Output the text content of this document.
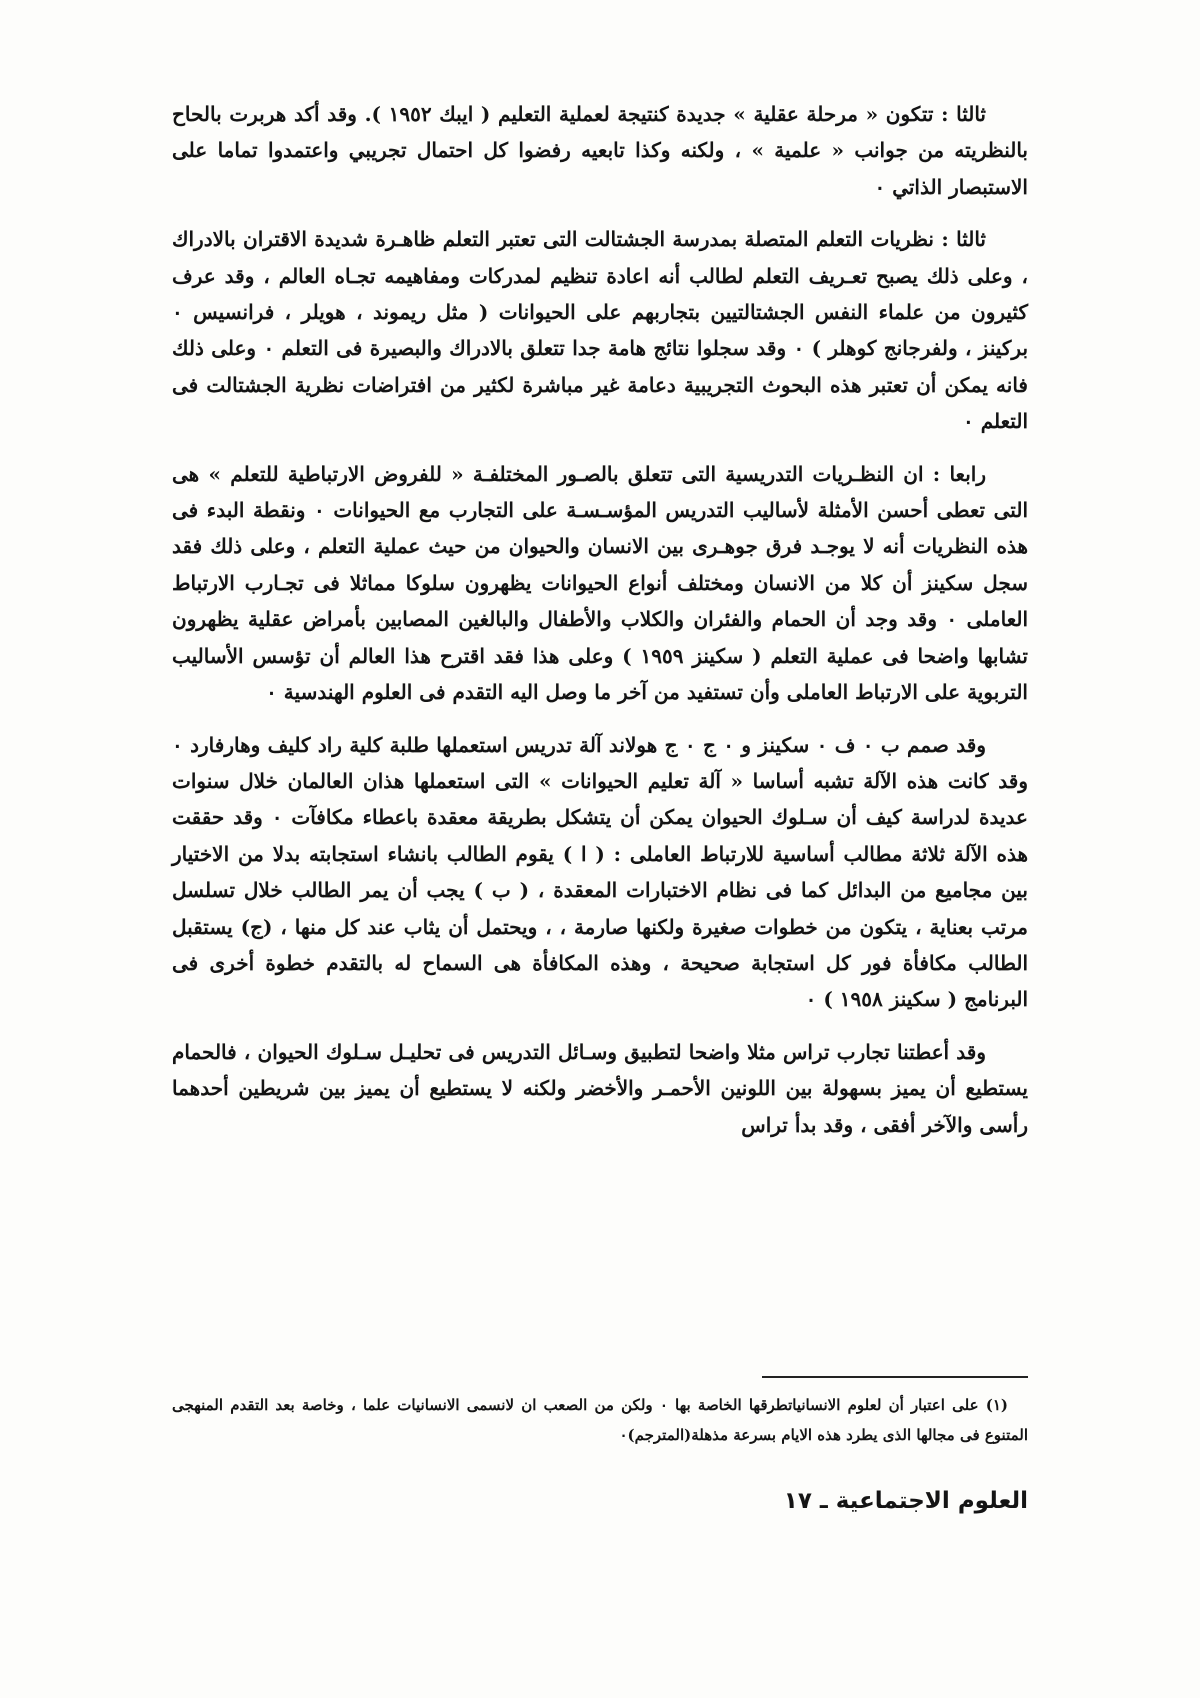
ثالثا : تتكون « مرحلة عقلية » جديدة كنتيجة لعملية التعليم ( ايبك ١٩٥٢ ). وقد أكد هربرت بالحاح بالنظريته من جوانب « علمية » ، ولكنه وكذا تابعيه رفضوا كل احتمال تجريبي واعتمدوا تماما على الاستبصار الذاتي ٠

ثالثا : نظريات التعلم المتصلة بمدرسة الجشتالت التى تعتبر التعلم ظاهـرة شديدة الاقتران بالادراك ، وعلى ذلك يصبح تعـريف التعلم لطالب أنه اعادة تنظيم لمدركات ومفاهيمه تجـاه العالم ، وقد عرف كثيرون من علماء النفس الجشتالتيين بتجاربهم على الحيوانات ( مثل ريموند ، هويلر ، فرانسيس ٠ بركينز ، ولفرجانج كوهلر ) ٠ وقد سجلوا نتائج هامة جدا تتعلق بالادراك والبصيرة فى التعلم ٠ وعلى ذلك فانه يمكن أن تعتبر هذه البحوث التجريبية دعامة غير مباشرة لكثير من افتراضات نظرية الجشتالت فى التعلم ٠

رابعا : ان النظـريات التدريسية التى تتعلق بالصـور المختلفـة « للفروض الارتباطية للتعلم » هى التى تعطى أحسن الأمثلة لأساليب التدريس المؤسـسـة على التجارب مع الحيوانات ٠ ونقطة البدء فى هذه النظريات أنه لا يوجـد فرق جوهـرى بين الانسان والحيوان من حيث عملية التعلم ، وعلى ذلك فقد سجل سكينز أن كلا من الانسان ومختلف أنواع الحيوانات يظهرون سلوكا مماثلا فى تجـارب الارتباط العاملى ٠ وقد وجد أن الحمام والفئران والكلاب والأطفال والبالغين المصابين بأمراض عقلية يظهرون تشابها واضحا فى عملية التعلم ( سكينز ١٩٥٩ ) وعلى هذا فقد اقترح هذا العالم أن تؤسس الأساليب التربوية على الارتباط العاملى وأن تستفيد من آخر ما وصل اليه التقدم فى العلوم الهندسية ٠

وقد صمم ب ٠ ف ٠ سكينز و ٠ ج ٠ ج هولاند آلة تدريس استعملها طلبة كلية راد كليف وهارفارد ٠ وقد كانت هذه الآلة تشبه أساسا « آلة تعليم الحيوانات » التى استعملها هذان العالمان خلال سنوات عديدة لدراسة كيف أن سـلوك الحيوان يمكن أن يتشكل بطريقة معقدة باعطاء مكافآت ٠ وقد حققت هذه الآلة ثلاثة مطالب أساسية للارتباط العاملى : ( ا ) يقوم الطالب بانشاء استجابته بدلا من الاختيار بين مجاميع من البدائل كما فى نظام الاختبارات المعقدة ، ( ب ) يجب أن يمر الطالب خلال تسلسل مرتب بعناية ، يتكون من خطوات صغيرة ولكنها صارمة ، ، ويحتمل أن يثاب عند كل منها ، (ج) يستقبل الطالب مكافأة فور كل استجابة صحيحة ، وهذه المكافأة هى السماح له بالتقدم خطوة أخرى فى البرنامج ( سكينز ١٩٥٨ ) ٠

وقد أعطتنا تجارب تراس مثلا واضحا لتطبيق وسـائل التدريس فى تحليـل سـلوك الحيوان ، فالحمام يستطيع أن يميز بسهولة بين اللونين الأحمـر والأخضر ولكنه لا يستطيع أن يميز بين شريطين أحدهما رأسى والآخر أفقى ، وقد بدأ تراس

(١) على اعتبار أن لعلوم الانسانياتطرقها الخاصة بها ٠ ولكن من الصعب ان لانسمى الانسانيات علما ، وخاصة بعد التقدم المنهجى المتنوع فى مجالها الذى يطرد هذه الايام بسرعة مذهلة(المترجم)٠

العلوم الاجتماعية ـ ١٧
